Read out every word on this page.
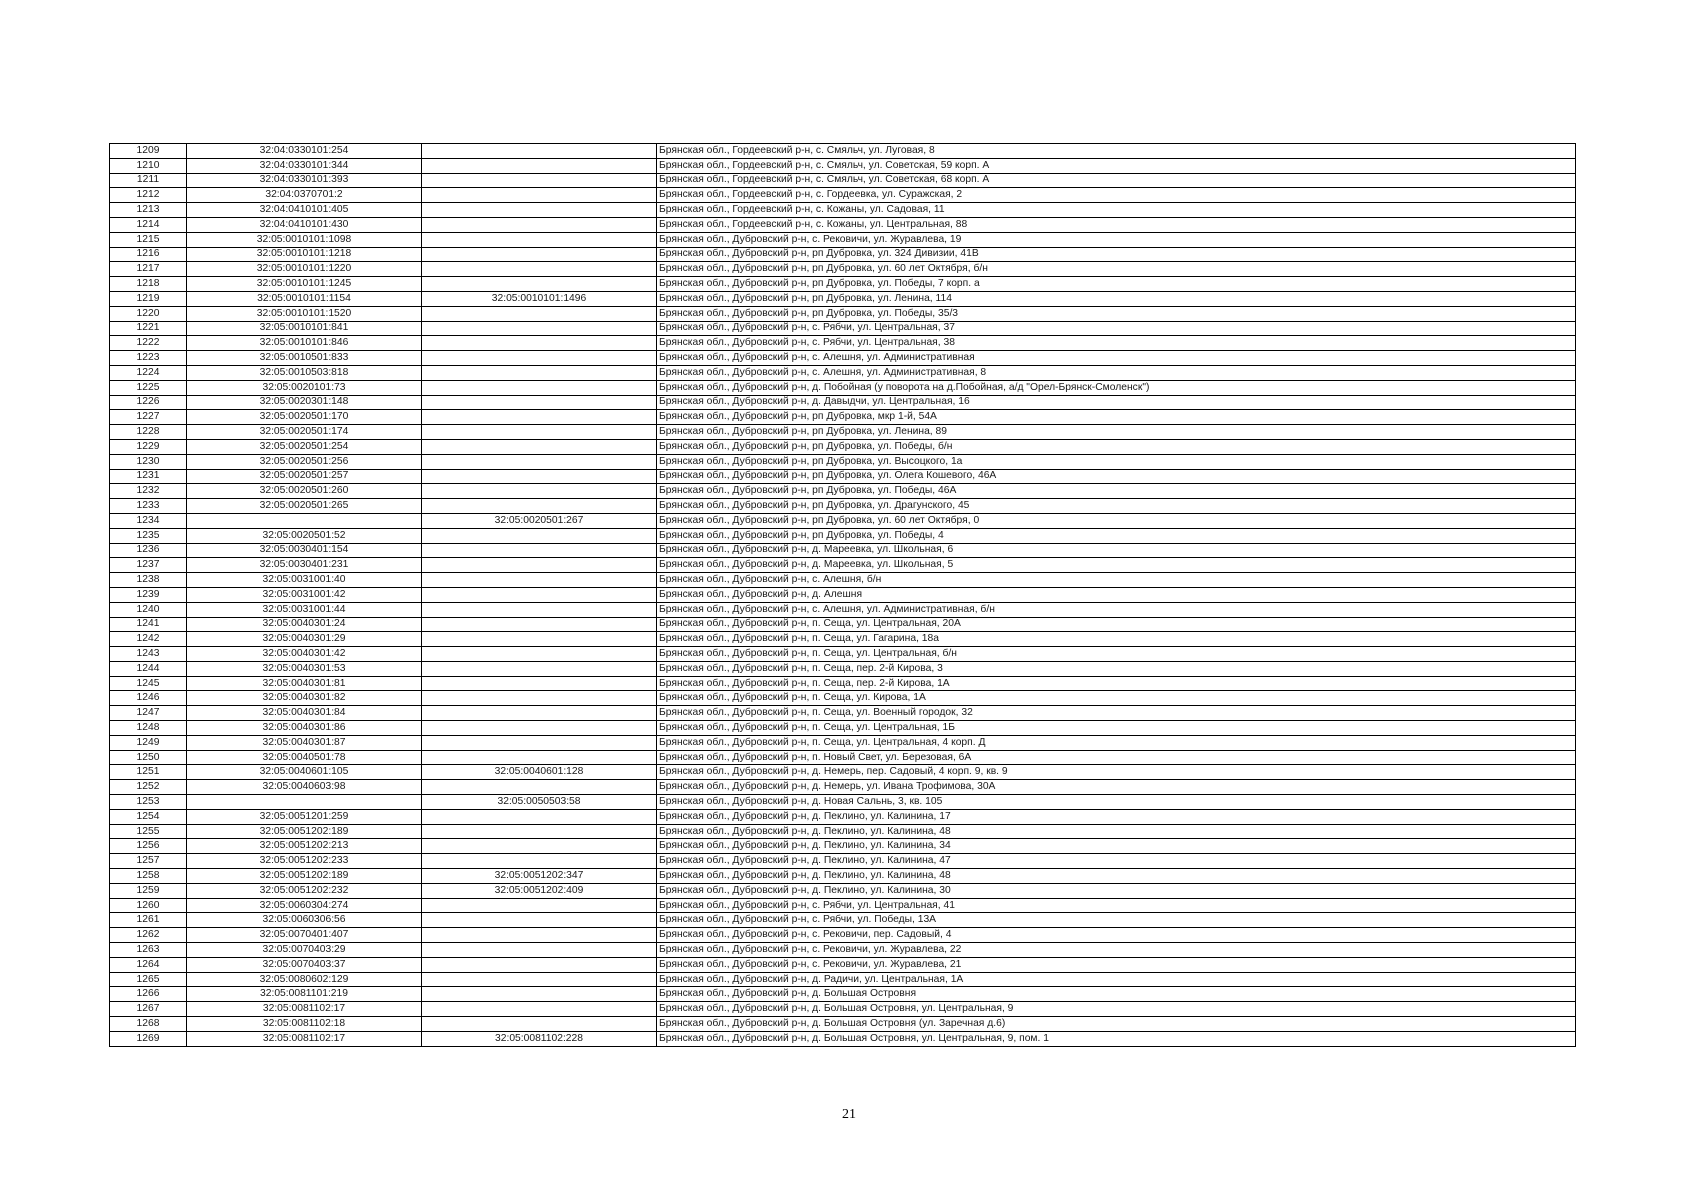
1209	32:04:0330101:254		Брянская обл., Гордеевский р-н, с. Смяльч, ул. Луговая, 8
1210	32:04:0330101:344		Брянская обл., Гордеевский р-н, с. Смяльч, ул. Советская, 59 корп. А
1211	32:04:0330101:393		Брянская обл., Гордеевский р-н, с. Смяльч, ул. Советская, 68 корп. А
1212	32:04:0370701:2		Брянская обл., Гордеевский р-н, с. Гордеевка, ул. Суражская, 2
1213	32:04:0410101:405		Брянская обл., Гордеевский р-н, с. Кожаны, ул. Садовая, 11
1214	32:04:0410101:430		Брянская обл., Гордеевский р-н, с. Кожаны, ул. Центральная, 88
1215	32:05:0010101:1098		Брянская обл., Дубровский р-н, с. Рековичи, ул. Журавлева, 19
1216	32:05:0010101:1218		Брянская обл., Дубровский р-н, рп Дубровка, ул. 324 Дивизии, 41В
1217	32:05:0010101:1220		Брянская обл., Дубровский р-н, рп Дубровка, ул. 60 лет Октября, б/н
1218	32:05:0010101:1245		Брянская обл., Дубровский р-н, рп Дубровка, ул. Победы, 7 корп. а
1219	32:05:0010101:1154	32:05:0010101:1496	Брянская обл., Дубровский р-н, рп Дубровка, ул. Ленина, 114
1220	32:05:0010101:1520		Брянская обл., Дубровский р-н, рп Дубровка, ул. Победы, 35/3
1221	32:05:0010101:841		Брянская обл., Дубровский р-н, с. Рябчи, ул. Центральная, 37
1222	32:05:0010101:846		Брянская обл., Дубровский р-н, с. Рябчи, ул. Центральная, 38
1223	32:05:0010501:833		Брянская обл., Дубровский р-н, с. Алешня, ул. Административная
1224	32:05:0010503:818		Брянская обл., Дубровский р-н, с. Алешня, ул. Административная, 8
1225	32:05:0020101:73		Брянская обл., Дубровский р-н, д. Побойная (у поворота на д.Побойная, а/д "Орел-Брянск-Смоленск")
1226	32:05:0020301:148		Брянская обл., Дубровский р-н, д. Давыдчи, ул. Центральная, 16
1227	32:05:0020501:170		Брянская обл., Дубровский р-н, рп Дубровка, мкр 1-й, 54А
1228	32:05:0020501:174		Брянская обл., Дубровский р-н, рп Дубровка, ул. Ленина, 89
1229	32:05:0020501:254		Брянская обл., Дубровский р-н, рп Дубровка, ул. Победы, б/н
1230	32:05:0020501:256		Брянская обл., Дубровский р-н, рп Дубровка, ул. Высоцкого, 1а
1231	32:05:0020501:257		Брянская обл., Дубровский р-н, рп Дубровка, ул. Олега Кошевого, 46А
1232	32:05:0020501:260		Брянская обл., Дубровский р-н, рп Дубровка, ул. Победы, 46А
1233	32:05:0020501:265		Брянская обл., Дубровский р-н, рп Дубровка, ул. Драгунского, 45
1234		32:05:0020501:267	Брянская обл., Дубровский р-н, рп Дубровка, ул. 60 лет Октября, 0
1235	32:05:0020501:52		Брянская обл., Дубровский р-н, рп Дубровка, ул. Победы, 4
1236	32:05:0030401:154		Брянская обл., Дубровский р-н, д. Мареевка, ул. Школьная, 6
1237	32:05:0030401:231		Брянская обл., Дубровский р-н, д. Мареевка, ул. Школьная, 5
1238	32:05:0031001:40		Брянская обл., Дубровский р-н, с. Алешня, б/н
1239	32:05:0031001:42		Брянская обл., Дубровский р-н, д. Алешня
1240	32:05:0031001:44		Брянская обл., Дубровский р-н, с. Алешня, ул. Административная, б/н
1241	32:05:0040301:24		Брянская обл., Дубровский р-н, п. Сеща, ул. Центральная, 20А
1242	32:05:0040301:29		Брянская обл., Дубровский р-н, п. Сеща, ул. Гагарина, 18а
1243	32:05:0040301:42		Брянская обл., Дубровский р-н, п. Сеща, ул. Центральная, б/н
1244	32:05:0040301:53		Брянская обл., Дубровский р-н, п. Сеща, пер. 2-й Кирова, 3
1245	32:05:0040301:81		Брянская обл., Дубровский р-н, п. Сеща, пер. 2-й Кирова, 1А
1246	32:05:0040301:82		Брянская обл., Дубровский р-н, п. Сеща, ул. Кирова, 1А
1247	32:05:0040301:84		Брянская обл., Дубровский р-н, п. Сеща, ул. Военный городок, 32
1248	32:05:0040301:86		Брянская обл., Дубровский р-н, п. Сеща, ул. Центральная, 1Б
1249	32:05:0040301:87		Брянская обл., Дубровский р-н, п. Сеща, ул. Центральная, 4 корп. Д
1250	32:05:0040501:78		Брянская обл., Дубровский р-н, п. Новый Свет, ул. Березовая, 6А
1251	32:05:0040601:105	32:05:0040601:128	Брянская обл., Дубровский р-н, д. Немерь, пер. Садовый, 4 корп. 9, кв. 9
1252	32:05:0040603:98		Брянская обл., Дубровский р-н, д. Немерь, ул. Ивана Трофимова, 30А
1253		32:05:0050503:58	Брянская обл., Дубровский р-н, д. Новая Сальнь, 3, кв. 105
1254	32:05:0051201:259		Брянская обл., Дубровский р-н, д. Пеклино, ул. Калинина, 17
1255	32:05:0051202:189		Брянская обл., Дубровский р-н, д. Пеклино, ул. Калинина, 48
1256	32:05:0051202:213		Брянская обл., Дубровский р-н, д. Пеклино, ул. Калинина, 34
1257	32:05:0051202:233		Брянская обл., Дубровский р-н, д. Пеклино, ул. Калинина, 47
1258	32:05:0051202:189	32:05:0051202:347	Брянская обл., Дубровский р-н, д. Пеклино, ул. Калинина, 48
1259	32:05:0051202:232	32:05:0051202:409	Брянская обл., Дубровский р-н, д. Пеклино, ул. Калинина, 30
1260	32:05:0060304:274		Брянская обл., Дубровский р-н, с. Рябчи, ул. Центральная, 41
1261	32:05:0060306:56		Брянская обл., Дубровский р-н, с. Рябчи, ул. Победы, 13А
1262	32:05:0070401:407		Брянская обл., Дубровский р-н, с. Рековичи, пер. Садовый, 4
1263	32:05:0070403:29		Брянская обл., Дубровский р-н, с. Рековичи, ул. Журавлева, 22
1264	32:05:0070403:37		Брянская обл., Дубровский р-н, с. Рековичи, ул. Журавлева, 21
1265	32:05:0080602:129		Брянская обл., Дубровский р-н, д. Радичи, ул. Центральная, 1А
1266	32:05:0081101:219		Брянская обл., Дубровский р-н, д. Большая Островня
1267	32:05:0081102:17		Брянская обл., Дубровский р-н, д. Большая Островня, ул. Центральная, 9
1268	32:05:0081102:18		Брянская обл., Дубровский р-н, д. Большая Островня (ул. Заречная д.6)
1269	32:05:0081102:17	32:05:0081102:228	Брянская обл., Дубровский р-н, д. Большая Островня, ул. Центральная, 9, пом. 1
21
